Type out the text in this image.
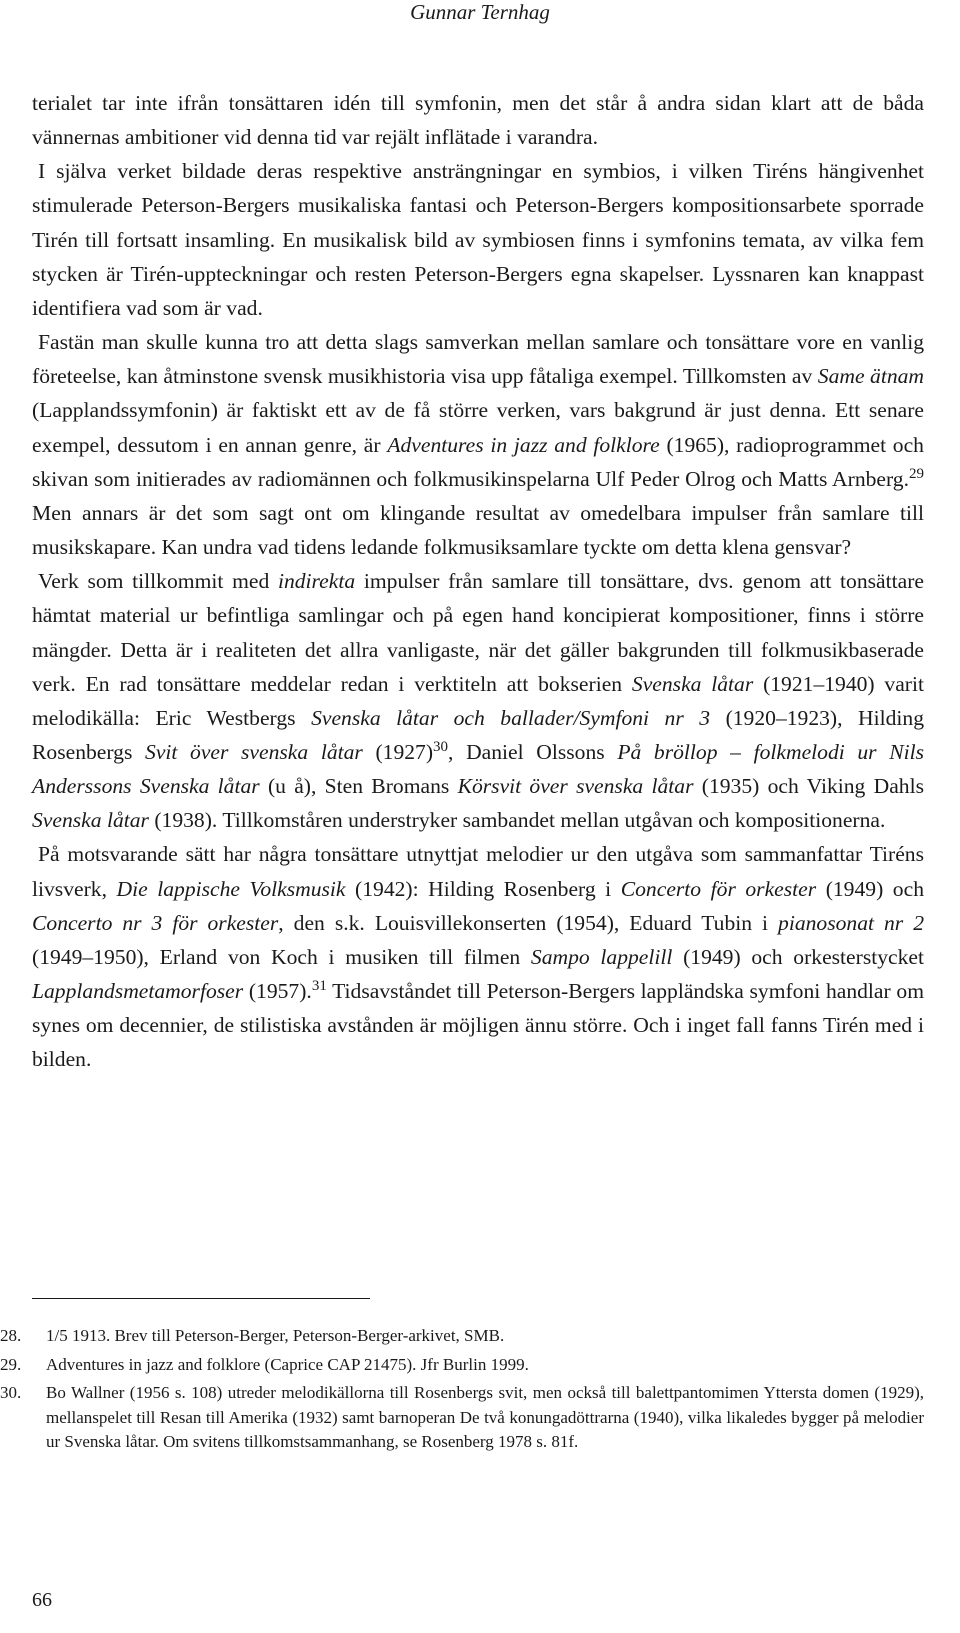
Gunnar Ternhag

terialet tar inte ifrån tonsättaren idén till symfonin, men det står å andra sidan klart att de båda vännernas ambitioner vid denna tid var rejält inflätade i varandra.

I själva verket bildade deras respektive ansträngningar en symbios, i vilken Tiréns hängivenhet stimulerade Peterson-Bergers musikaliska fantasi och Peterson-Bergers kompositionsarbete sporrade Tirén till fortsatt insamling. En musikalisk bild av symbiosen finns i symfonins temata, av vilka fem stycken är Tirén-uppteckningar och resten Peterson-Bergers egna skapelser. Lyssnaren kan knappast identifiera vad som är vad.

Fastän man skulle kunna tro att detta slags samverkan mellan samlare och tonsättare vore en vanlig företeelse, kan åtminstone svensk musikhistoria visa upp fåtaliga exempel. Tillkomsten av Same ätnam (Lapplandssymfonin) är faktiskt ett av de få större verken, vars bakgrund är just denna. Ett senare exempel, dessutom i en annan genre, är Adventures in jazz and folklore (1965), radioprogrammet och skivan som initierades av radiomännen och folkmusikinspelarna Ulf Peder Olrog och Matts Arnberg.$^{29}$ Men annars är det som sagt ont om klingande resultat av omedelbara impulser från samlare till musikskapare. Kan undra vad tidens ledande folkmusiksamlare tyckte om detta klena gensvar?

Verk som tillkommit med indirekta impulser från samlare till tonsättare, dvs. genom att tonsättare hämtat material ur befintliga samlingar och på egen hand koncipierat kompositioner, finns i större mängder. Detta är i realiteten det allra vanligaste, när det gäller bakgrunden till folkmusikbaserade verk. En rad tonsättare meddelar redan i verktiteln att bokserien Svenska låtar (1921–1940) varit melodikälla: Eric Westbergs Svenska låtar och ballader/Symfoni nr 3 (1920–1923), Hilding Rosenbergs Svit över svenska låtar $(1927)^{30}$, Daniel Olssons På bröllop – folkmelodi ur Nils Anderssons Svenska låtar (u å), Sten Bromans Körsvit över svenska låtar (1935) och Viking Dahls Svenska låtar (1938). Tillkomståren understryker sambandet mellan utgåvan och kompositionerna.

På motsvarande sätt har några tonsättare utnyttjat melodier ur den utgåva som sammanfattar Tiréns livsverk, Die lappische Volksmusik (1942): Hilding Rosenberg i Concerto för orkester (1949) och Concerto nr 3 för orkester, den s.k. Louisvillekonserten (1954), Eduard Tubin i pianosonat nr 2 (1949–1950), Erland von Koch i musiken till filmen Sampo lappelill (1949) och orkesterstycket Lapplandsmetamorfoser (1957).$^{31}$ Tidsavståndet till Peterson-Bergers lappländska symfoni handlar om synes om decennier, de stilistiska avstånden är möjligen ännu större. Och i inget fall fanns Tirén med i bilden.

28.	1/5 1913. Brev till Peterson-Berger, Peterson-Berger-arkivet, SMB.
29.	Adventures in jazz and folklore (Caprice CAP 21475). Jfr Burlin 1999.
30.	Bo Wallner (1956 s. 108) utreder melodikällorna till Rosenbergs svit, men också till balettpantomimen Yttersta domen (1929), mellanspelet till Resan till Amerika (1932) samt barnoperan De två konungadöttrarna (1940), vilka likaledes bygger på melodier ur Svenska låtar. Om svitens tillkomstsammanhang, se Rosenberg 1978 s. 81f.
66
